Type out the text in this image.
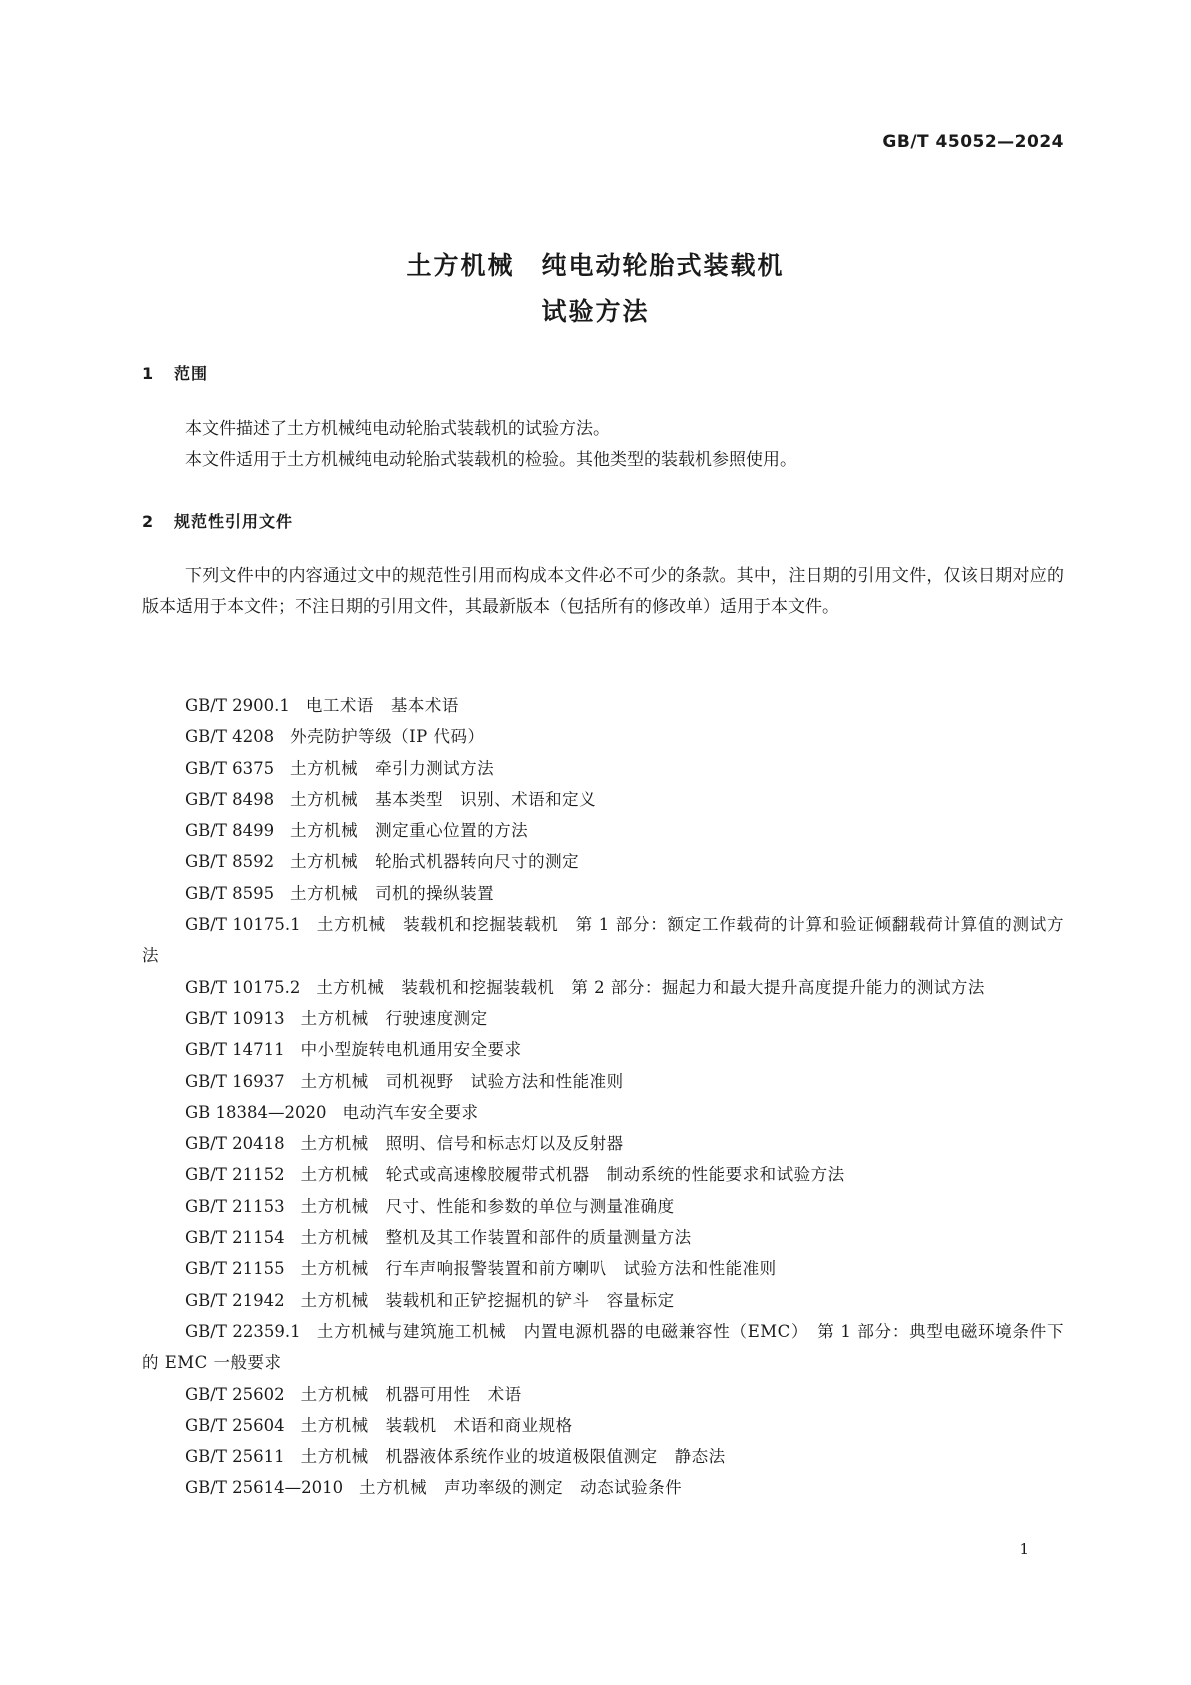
GB/T 45052—2024
土方机械　纯电动轮胎式装载机
试验方法
1 范围

本文件描述了土方机械纯电动轮胎式装载机的试验方法。

本文件适用于土方机械纯电动轮胎式装载机的检验。其他类型的装载机参照使用。

2 规范性引用文件

下列文件中的内容通过文中的规范性引用而构成本文件必不可少的条款。其中，注日期的引用文件，仅该日期对应的版本适用于本文件；不注日期的引用文件，其最新版本（包括所有的修改单）适用于本文件。

GB/T 2900.1 电工术语　基本术语
GB/T 4208 外壳防护等级（IP 代码）
GB/T 6375 土方机械　牵引力测试方法
GB/T 8498 土方机械　基本类型　识别、术语和定义
GB/T 8499 土方机械　测定重心位置的方法
GB/T 8592 土方机械　轮胎式机器转向尺寸的测定
GB/T 8595 土方机械　司机的操纵装置
GB/T 10175.1 土方机械　装载机和挖掘装载机　第 1 部分：额定工作载荷的计算和验证倾翻载荷计算值的测试方法
GB/T 10175.2 土方机械　装载机和挖掘装载机　第 2 部分：掘起力和最大提升高度提升能力的测试方法
GB/T 10913 土方机械　行驶速度测定
GB/T 14711 中小型旋转电机通用安全要求
GB/T 16937 土方机械　司机视野　试验方法和性能准则
GB 18384—2020 电动汽车安全要求
GB/T 20418 土方机械　照明、信号和标志灯以及反射器
GB/T 21152 土方机械　轮式或高速橡胶履带式机器　制动系统的性能要求和试验方法
GB/T 21153 土方机械　尺寸、性能和参数的单位与测量准确度
GB/T 21154 土方机械　整机及其工作装置和部件的质量测量方法
GB/T 21155 土方机械　行车声响报警装置和前方喇叭　试验方法和性能准则
GB/T 21942 土方机械　装载机和正铲挖掘机的铲斗　容量标定
GB/T 22359.1 土方机械与建筑施工机械　内置电源机器的电磁兼容性（EMC）　第 1 部分：典型电磁环境条件下的 EMC 一般要求
GB/T 25602 土方机械　机器可用性　术语
GB/T 25604 土方机械　装载机　术语和商业规格
GB/T 25611 土方机械　机器液体系统作业的坡道极限值测定　静态法
GB/T 25614—2010 土方机械　声功率级的测定　动态试验条件
1
